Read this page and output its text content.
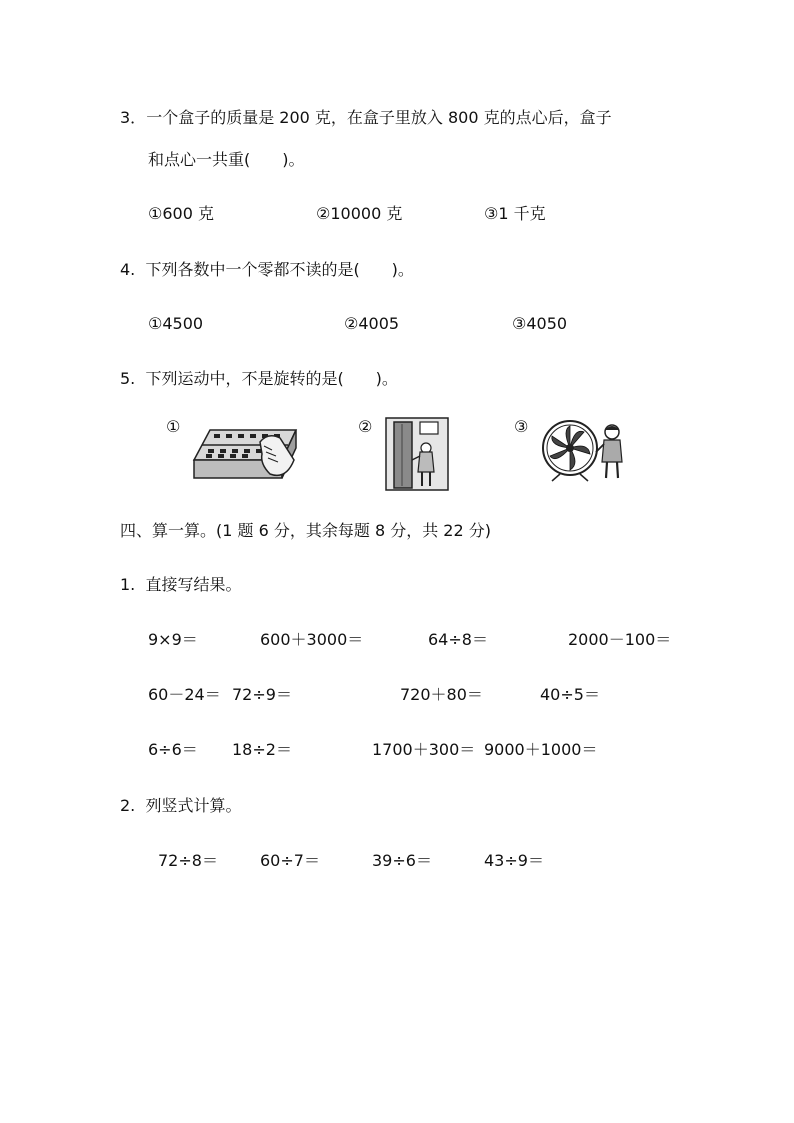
3．一个盒子的质量是 200 克，在盒子里放入 800 克的点心后，盒子
和点心一共重(　　)。
①600 克	②10000 克	③1 千克
4. 下列各数中一个零都不读的是(　　)。
①4500	②4005	③4050
5. 下列运动中，不是旋转的是(　　)。
①	②	③
四、算一算。(1 题 6 分，其余每题 8 分，共 22 分)
1. 直接写结果。
9×9＝	600＋3000＝	64÷8＝	2000－100＝
60－24＝ 72÷9＝	720＋80＝	40÷5＝
6÷6＝ 18÷2＝	1700＋300＝ 9000＋1000＝
2. 列竖式计算。
72÷8＝	60÷7＝	39÷6＝	43÷9＝
